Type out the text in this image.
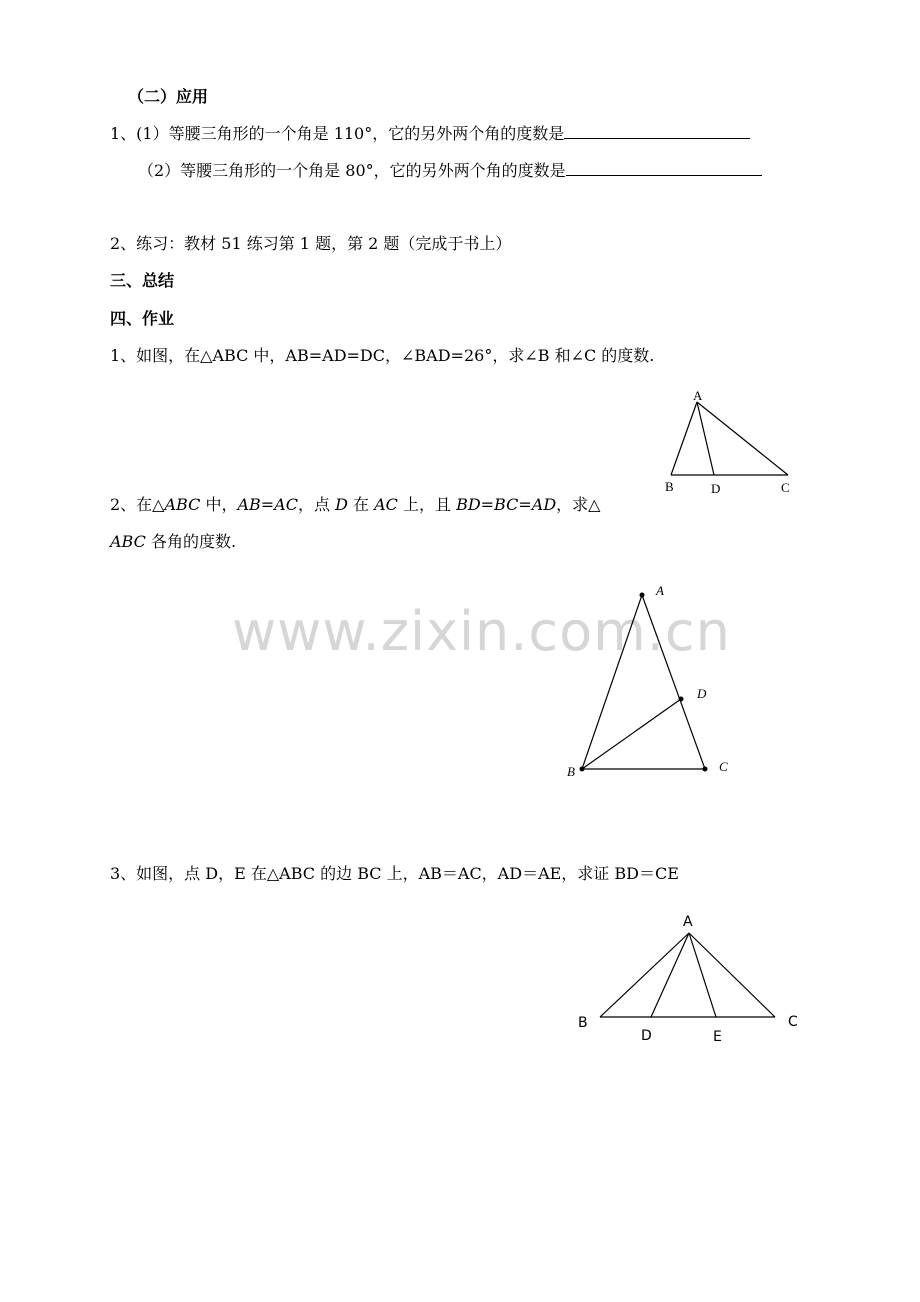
（二）应用
1、(1）等腰三角形的一个角是 110°，它的另外两个角的度数是
（2）等腰三角形的一个角是 80°，它的另外两个角的度数是
2、练习：教材 51 练习第 1 题，第 2 题（完成于书上）
三、总结
四、作业
1、如图，在△ABC 中，AB=AD=DC，∠BAD=26°，求∠B 和∠C 的度数.
A
B	D	C
2、在△ABC 中，AB=AC，点 D 在 AC 上，且 BD=BC=AD，求△
ABC 各角的度数.
www.zixin.com.cn
A
B	C
D
3、如图，点 D，E 在△ABC 的边 BC 上，AB＝AC，AD＝AE，求证 BD＝CE
A
B
D	E
C
